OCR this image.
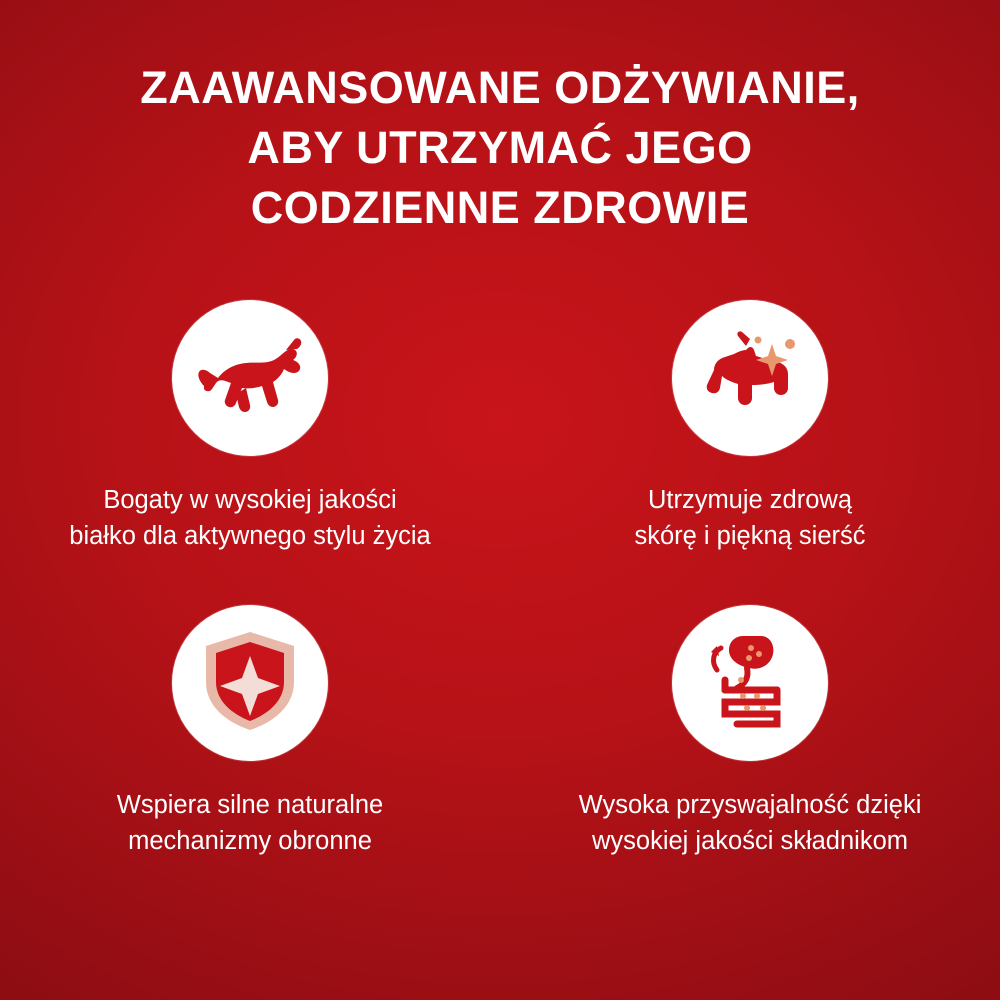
ZAAWANSOWANE ODŻYWIANIE,
ABY UTRZYMAĆ JEGO
CODZIENNE ZDROWIE
Bogaty w wysokiej jakości
białko dla aktywnego stylu życia
Utrzymuje zdrową
skórę i piękną sierść
Wspiera silne naturalne
mechanizmy obronne
Wysoka przyswajalność dzięki
wysokiej jakości składnikom
